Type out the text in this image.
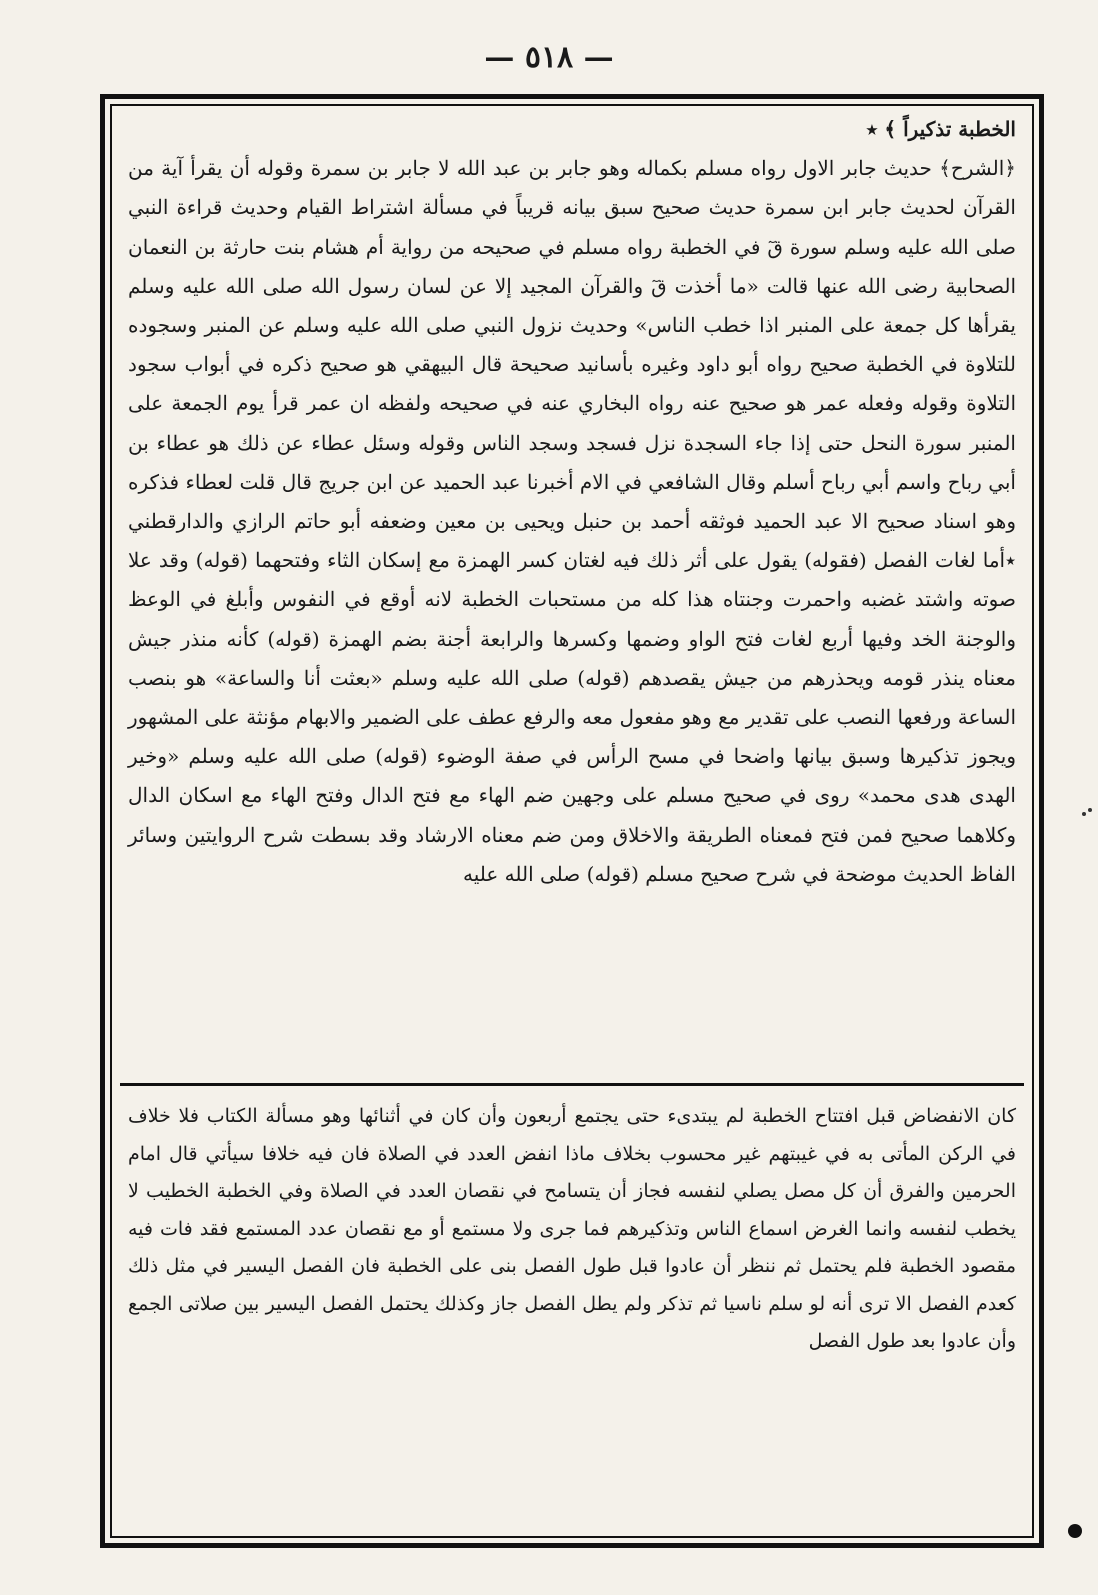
— ٥١٨ —

الخطبة تذكيراً ﴾ ٭

﴿الشرح﴾ حديث جابر الاول رواه مسلم بكماله وهو جابر بن عبد الله لا جابر بن سمرة وقوله أن يقرأ آية من القرآن لحديث جابر ابن سمرة حديث صحيح سبق بيانه قريباً في مسألة اشتراط القيام وحديث قراءة النبي صلى الله عليه وسلم سورة قٓ في الخطبة رواه مسلم في صحيحه من رواية أم هشام بنت حارثة بن النعمان الصحابية رضى الله عنها قالت «ما أخذت قٓ والقرآن المجيد إلا عن لسان رسول الله صلى الله عليه وسلم يقرأها كل جمعة على المنبر اذا خطب الناس» وحديث نزول النبي صلى الله عليه وسلم عن المنبر وسجوده للتلاوة في الخطبة صحيح رواه أبو داود وغيره بأسانيد صحيحة قال البيهقي هو صحيح ذكره في أبواب سجود التلاوة وقوله وفعله عمر هو صحيح عنه رواه البخاري عنه في صحيحه ولفظه ان عمر قرأ يوم الجمعة على المنبر سورة النحل حتى إذا جاء السجدة نزل فسجد وسجد الناس وقوله وسئل عطاء عن ذلك هو عطاء بن أبي رباح واسم أبي رباح أسلم وقال الشافعي في الام أخبرنا عبد الحميد عن ابن جريج قال قلت لعطاء فذكره وهو اسناد صحيح الا عبد الحميد فوثقه أحمد بن حنبل ويحيى بن معين وضعفه أبو حاتم الرازي والدارقطني ٭أما لغات الفصل (فقوله) يقول على أثر ذلك فيه لغتان كسر الهمزة مع إسكان الثاء وفتحهما (قوله) وقد علا صوته واشتد غضبه واحمرت وجنتاه هذا كله من مستحبات الخطبة لانه أوقع في النفوس وأبلغ في الوعظ والوجنة الخد وفيها أربع لغات فتح الواو وضمها وكسرها والرابعة أجنة بضم الهمزة (قوله) كأنه منذر جيش معناه ينذر قومه ويحذرهم من جيش يقصدهم (قوله) صلى الله عليه وسلم «بعثت أنا والساعة» هو بنصب الساعة ورفعها النصب على تقدير مع وهو مفعول معه والرفع عطف على الضمير والابهام مؤنثة على المشهور ويجوز تذكيرها وسبق بيانها واضحا في مسح الرأس في صفة الوضوء (قوله) صلى الله عليه وسلم «وخير الهدى هدى محمد» روى في صحيح مسلم على وجهين ضم الهاء مع فتح الدال وفتح الهاء مع اسكان الدال وكلاهما صحيح فمن فتح فمعناه الطريقة والاخلاق ومن ضم معناه الارشاد وقد بسطت شرح الروايتين وسائر الفاظ الحديث موضحة في شرح صحيح مسلم (قوله) صلى الله عليه

كان الانفضاض قبل افتتاح الخطبة لم يبتدىء حتى يجتمع أربعون وأن كان في أثنائها وهو مسألة الكتاب فلا خلاف في الركن المأتى به في غيبتهم غير محسوب بخلاف ماذا انفض العدد في الصلاة فان فيه خلافا سيأتي قال امام الحرمين والفرق أن كل مصل يصلي لنفسه فجاز أن يتسامح في نقصان العدد في الصلاة وفي الخطبة الخطيب لا يخطب لنفسه وانما الغرض اسماع الناس وتذكيرهم فما جرى ولا مستمع أو مع نقصان عدد المستمع فقد فات فيه مقصود الخطبة فلم يحتمل ثم ننظر أن عادوا قبل طول الفصل بنى على الخطبة فان الفصل اليسير في مثل ذلك كعدم الفصل الا ترى أنه لو سلم ناسيا ثم تذكر ولم يطل الفصل جاز وكذلك يحتمل الفصل اليسير بين صلاتى الجمع وأن عادوا بعد طول الفصل
